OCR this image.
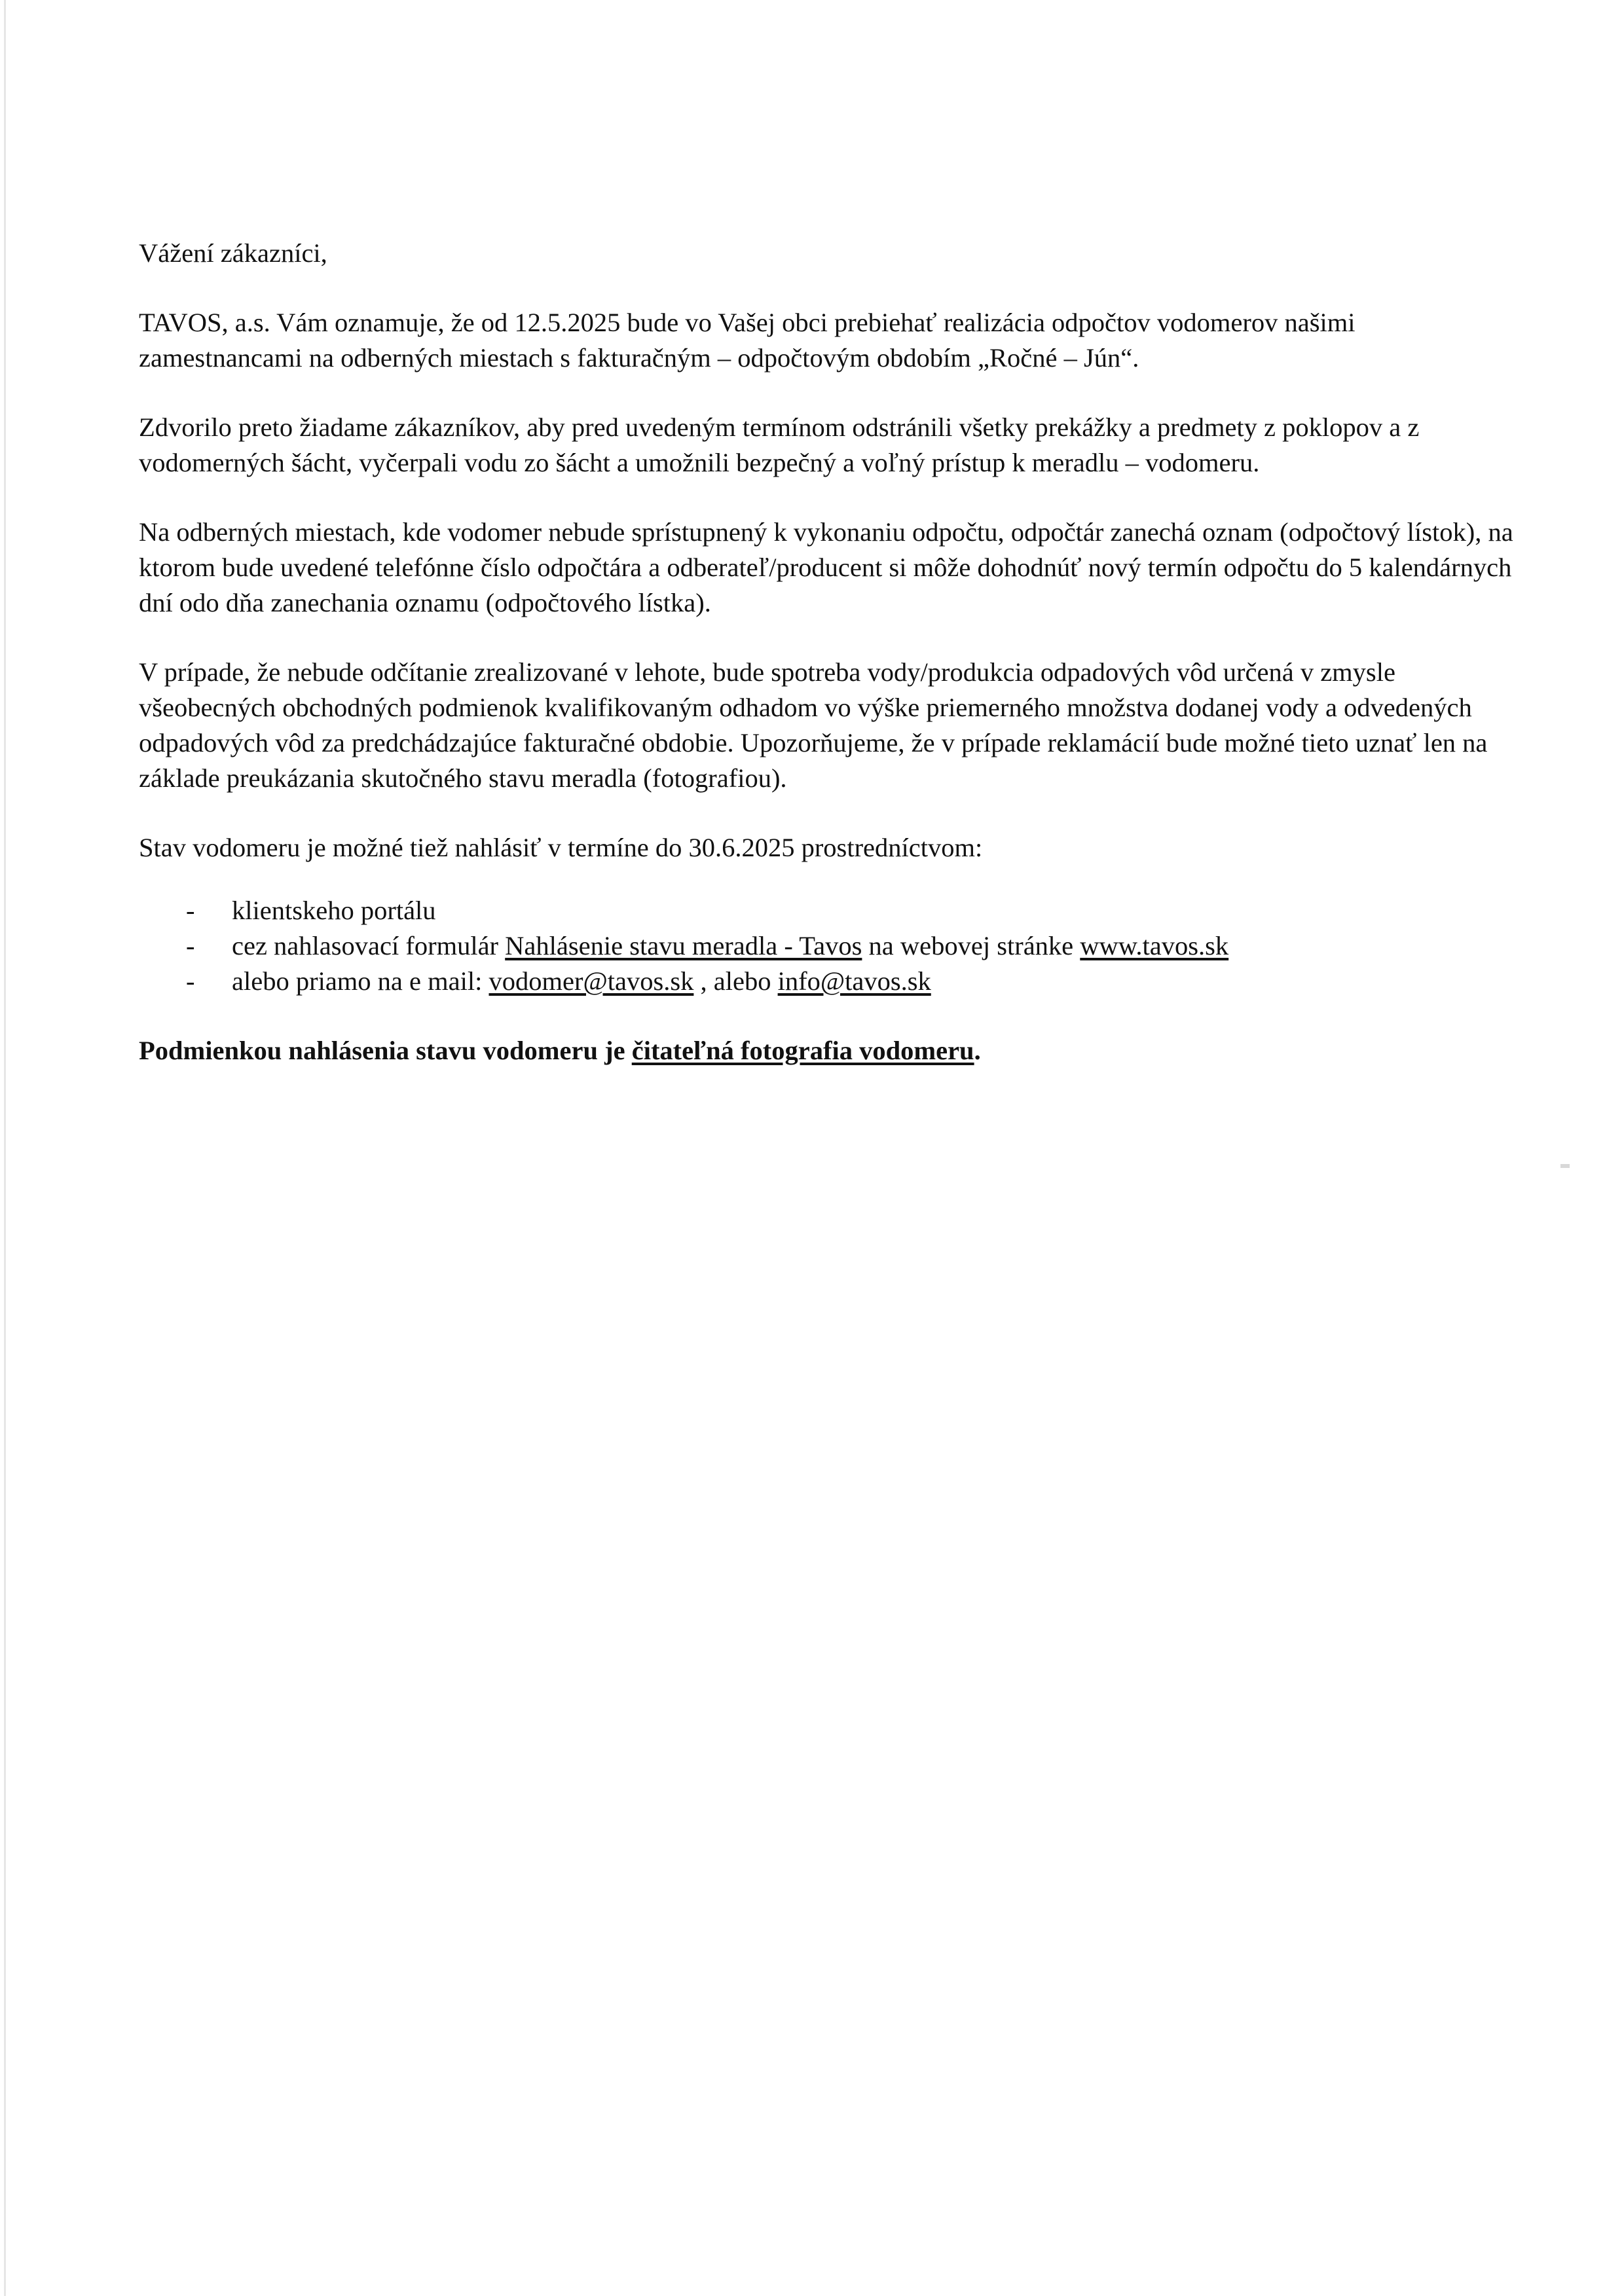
Vážení zákazníci,

TAVOS, a.s. Vám oznamuje, že od 12.5.2025 bude vo Vašej obci prebiehať realizácia odpočtov vodomerov našimi zamestnancami na odberných miestach s fakturačným – odpočtovým obdobím „Ročné – Jún“.

Zdvorilo preto žiadame zákazníkov, aby pred uvedeným termínom odstránili všetky prekážky a predmety z poklopov a z vodomerných šácht, vyčerpali vodu zo šácht a umožnili bezpečný a voľný prístup k meradlu – vodomeru.

Na odberných miestach, kde vodomer nebude sprístupnený k vykonaniu odpočtu, odpočtár zanechá oznam (odpočtový lístok), na ktorom bude uvedené telefónne číslo odpočtára a odberateľ/producent si môže dohodnúť nový termín odpočtu do 5 kalendárnych dní odo dňa zanechania oznamu (odpočtového lístka).

V prípade, že nebude odčítanie zrealizované v lehote, bude spotreba vody/produkcia odpadových vôd určená v zmysle všeobecných obchodných podmienok kvalifikovaným odhadom vo výške priemerného množstva dodanej vody a odvedených odpadových vôd za predchádzajúce fakturačné obdobie. Upozorňujeme, že v prípade reklamácií bude možné tieto uznať len na základe preukázania skutočného stavu meradla (fotografiou).

Stav vodomeru je možné tiež nahlásiť v termíne do 30.6.2025 prostredníctvom:

-	klientskeho portálu
-	cez nahlasovací formulár Nahlásenie stavu meradla - Tavos na webovej stránke www.tavos.sk
-	alebo priamo na e mail: vodomer@tavos.sk , alebo info@tavos.sk

Podmienkou nahlásenia stavu vodomeru je čitateľná fotografia vodomeru.
